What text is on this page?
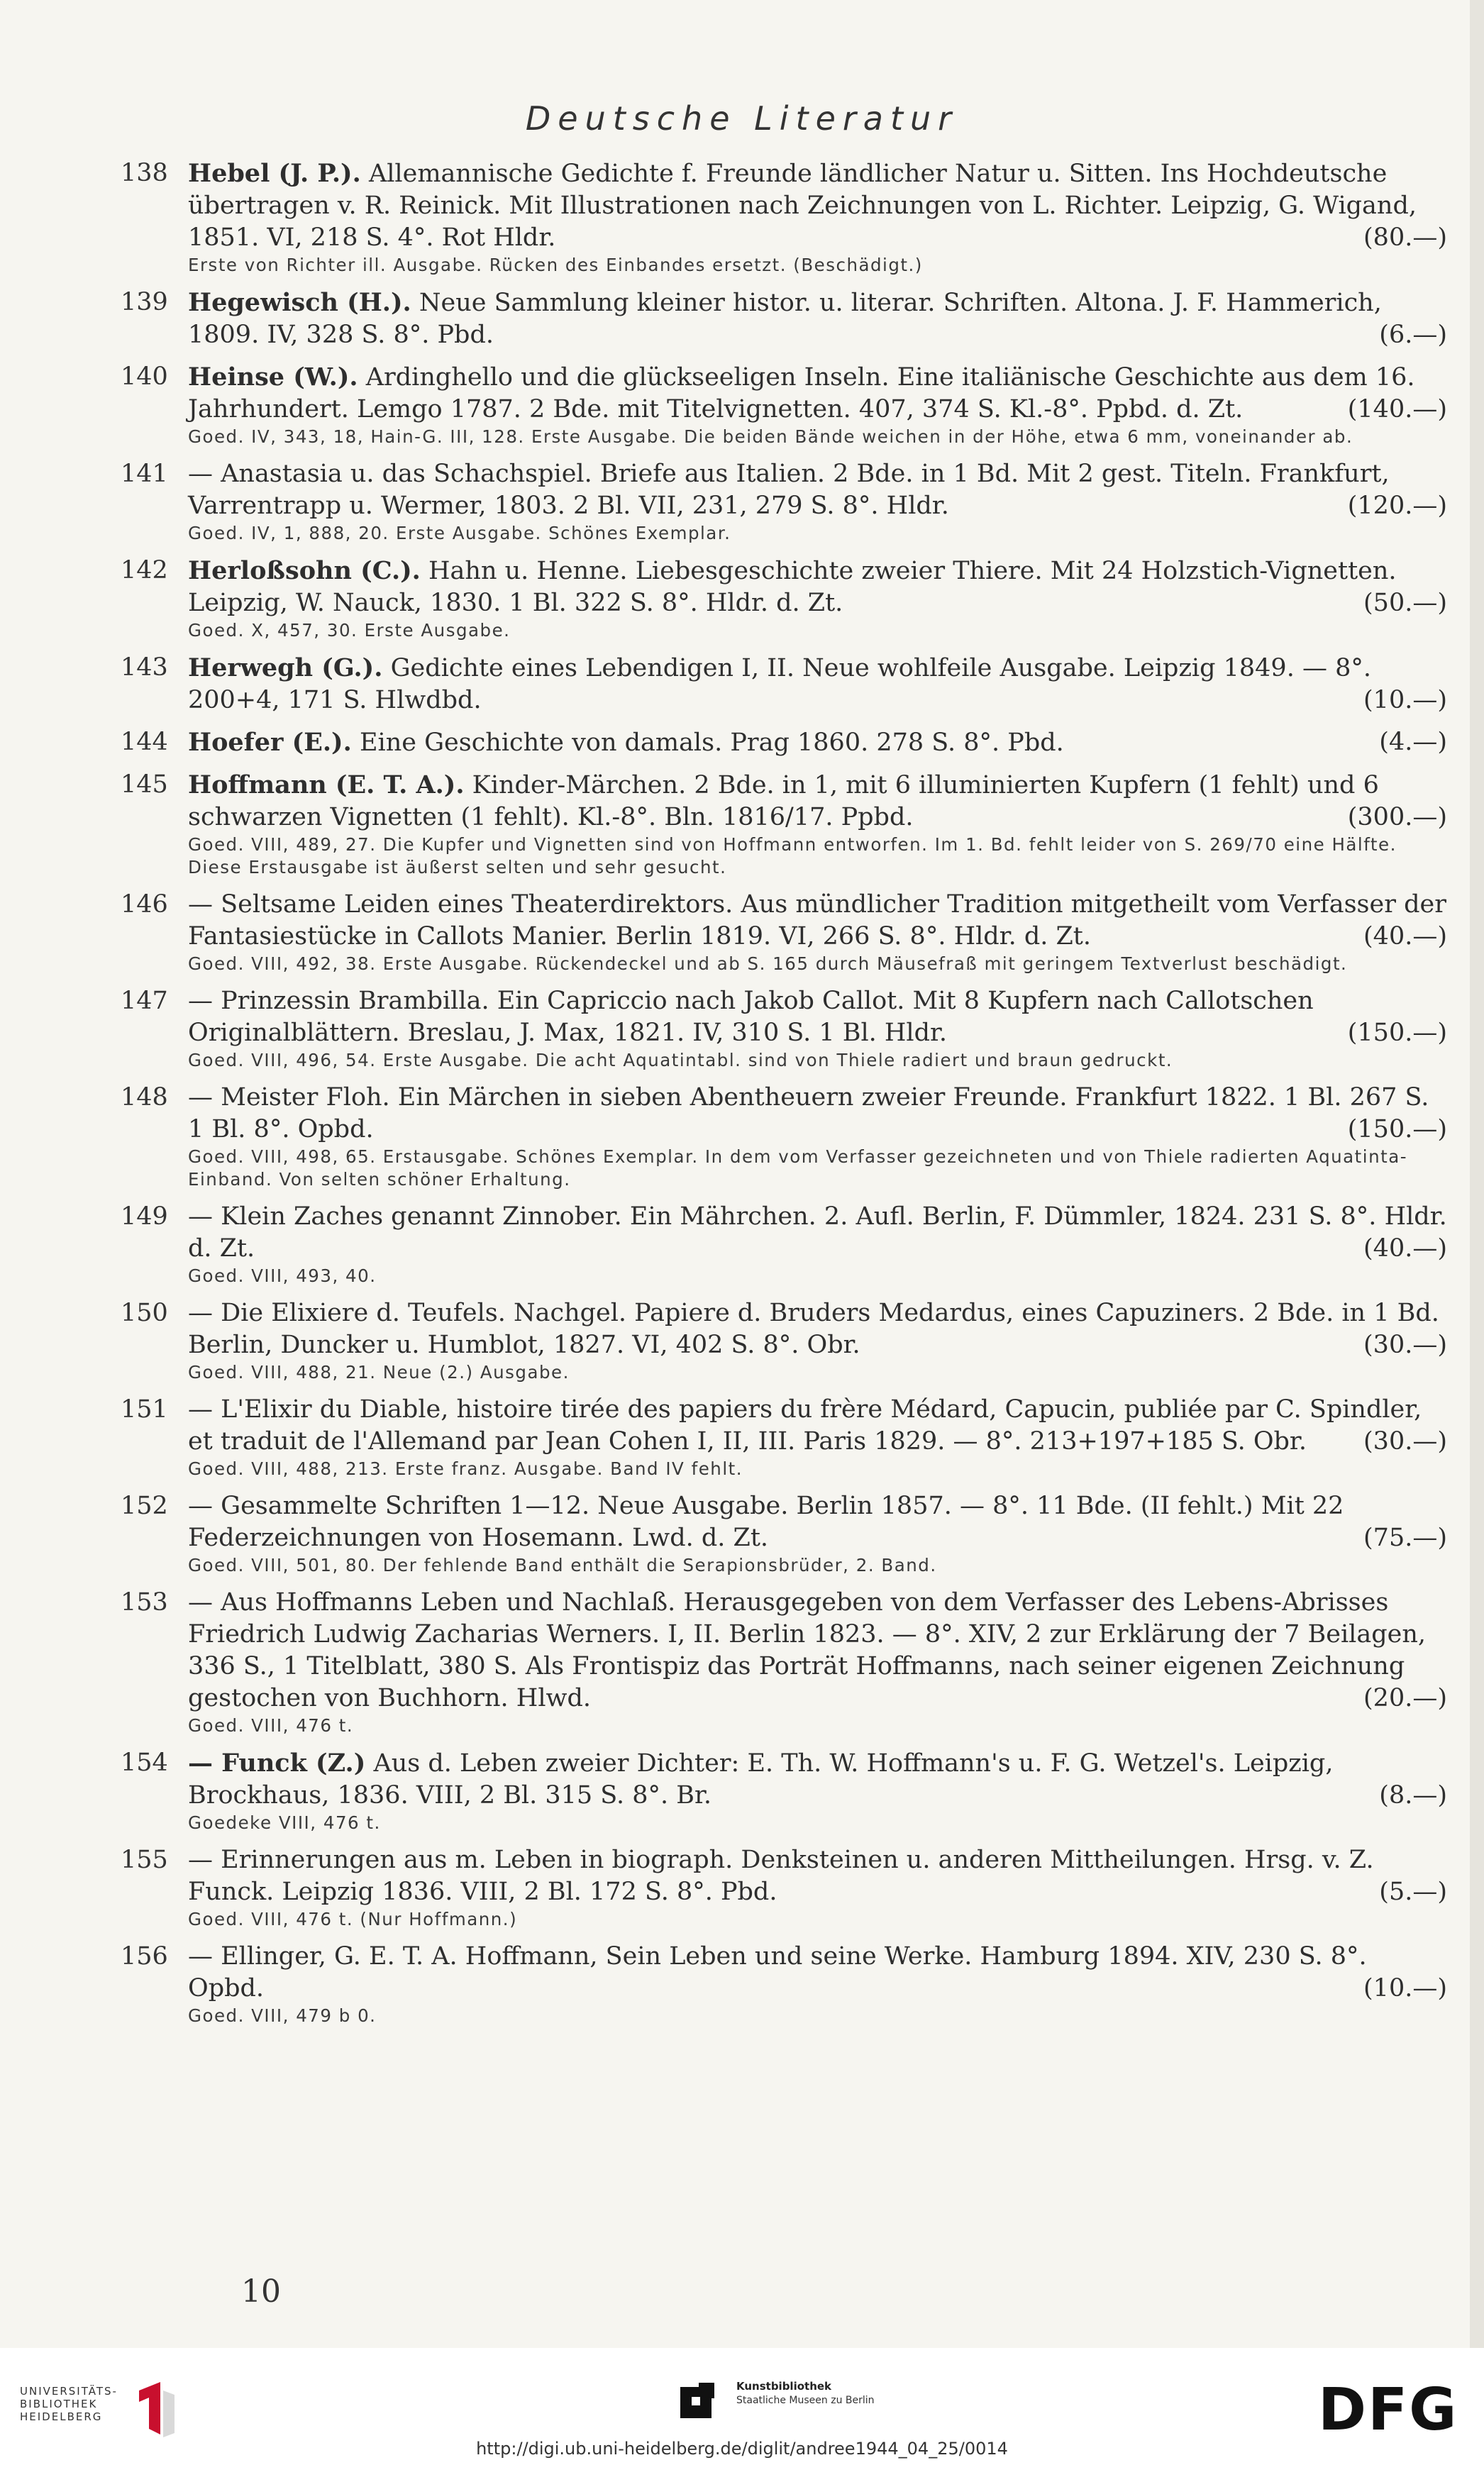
Deutsche Literatur
138 Hebel (J. P.). Allemannische Gedichte f. Freunde ländlicher Natur u. Sitten. Ins Hochdeutsche übertragen v. R. Reinick. Mit Illustrationen nach Zeichnungen von L. Richter. Leipzig, G. Wigand, 1851. VI, 218 S. 4°. Rot Hldr.	(80.—)
Erste von Richter ill. Ausgabe. Rücken des Einbandes ersetzt. (Beschädigt.)
139 Hegewisch (H.). Neue Sammlung kleiner histor. u. literar. Schriften. Altona. J. F. Hammerich, 1809. IV, 328 S. 8°. Pbd.	(6.—)
140 Heinse (W.). Ardinghello und die glückseeligen Inseln. Eine italiänische Geschichte aus dem 16. Jahrhundert. Lemgo 1787. 2 Bde. mit Titelvignetten. 407, 374 S. Kl.-8°. Ppbd. d. Zt.	(140.—)
Goed. IV, 343, 18, Hain-G. III, 128. Erste Ausgabe. Die beiden Bände weichen in der Höhe, etwa 6 mm, voneinander ab.
141 — Anastasia u. das Schachspiel. Briefe aus Italien. 2 Bde. in 1 Bd. Mit 2 gest. Titeln. Frankfurt, Varrentrapp u. Wermer, 1803. 2 Bl. VII, 231, 279 S. 8°. Hldr.	(120.—)
Goed. IV, 1, 888, 20. Erste Ausgabe. Schönes Exemplar.
142 Herloßsohn (C.). Hahn u. Henne. Liebesgeschichte zweier Thiere. Mit 24 Holzstich-Vignetten. Leipzig, W. Nauck, 1830. 1 Bl. 322 S. 8°. Hldr. d. Zt.	(50.—)
Goed. X, 457, 30. Erste Ausgabe.
143 Herwegh (G.). Gedichte eines Lebendigen I, II. Neue wohlfeile Ausgabe. Leipzig 1849. — 8°. 200+4, 171 S. Hlwdbd.	(10.—)
144 Hoefer (E.). Eine Geschichte von damals. Prag 1860. 278 S. 8°. Pbd.	(4.—)
145 Hoffmann (E. T. A.). Kinder-Märchen. 2 Bde. in 1, mit 6 illuminierten Kupfern (1 fehlt) und 6 schwarzen Vignetten (1 fehlt). Kl.-8°. Bln. 1816/17. Ppbd.	(300.—)
Goed. VIII, 489, 27. Die Kupfer und Vignetten sind von Hoffmann entworfen. Im 1. Bd. fehlt leider von S. 269/70 eine Hälfte. Diese Erstausgabe ist äußerst selten und sehr gesucht.
146 — Seltsame Leiden eines Theaterdirektors. Aus mündlicher Tradition mitgetheilt vom Verfasser der Fantasiestücke in Callots Manier. Berlin 1819. VI, 266 S. 8°. Hldr. d. Zt.	(40.—)
Goed. VIII, 492, 38. Erste Ausgabe. Rückendeckel und ab S. 165 durch Mäusefraß mit geringem Textverlust beschädigt.
147 — Prinzessin Brambilla. Ein Capriccio nach Jakob Callot. Mit 8 Kupfern nach Callotschen Originalblättern. Breslau, J. Max, 1821. IV, 310 S. 1 Bl. Hldr.	(150.—)
Goed. VIII, 496, 54. Erste Ausgabe. Die acht Aquatintabl. sind von Thiele radiert und braun gedruckt.
148 — Meister Floh. Ein Märchen in sieben Abentheuern zweier Freunde. Frankfurt 1822. 1 Bl. 267 S. 1 Bl. 8°. Opbd.	(150.—)
Goed. VIII, 498, 65. Erstausgabe. Schönes Exemplar. In dem vom Verfasser gezeichneten und von Thiele radierten Aquatinta-Einband. Von selten schöner Erhaltung.
149 — Klein Zaches genannt Zinnober. Ein Mährchen. 2. Aufl. Berlin, F. Dümmler, 1824. 231 S. 8°. Hldr. d. Zt.	(40.—)
Goed. VIII, 493, 40.
150 — Die Elixiere d. Teufels. Nachgel. Papiere d. Bruders Medardus, eines Capuziners. 2 Bde. in 1 Bd. Berlin, Duncker u. Humblot, 1827. VI, 402 S. 8°. Obr.	(30.—)
Goed. VIII, 488, 21. Neue (2.) Ausgabe.
151 — L'Elixir du Diable, histoire tirée des papiers du frère Médard, Capucin, publiée par C. Spindler, et traduit de l'Allemand par Jean Cohen I, II, III. Paris 1829. — 8°. 213+197+185 S. Obr. (30.—)
Goed. VIII, 488, 213. Erste franz. Ausgabe. Band IV fehlt.
152 — Gesammelte Schriften 1—12. Neue Ausgabe. Berlin 1857. — 8°. 11 Bde. (II fehlt.) Mit 22 Federzeichnungen von Hosemann. Lwd. d. Zt.	(75.—)
Goed. VIII, 501, 80. Der fehlende Band enthält die Serapionsbrüder, 2. Band.
153 — Aus Hoffmanns Leben und Nachlaß. Herausgegeben von dem Verfasser des Lebens-Abrisses Friedrich Ludwig Zacharias Werners. I, II. Berlin 1823. — 8°. XIV, 2 zur Erklärung der 7 Beilagen, 336 S., 1 Titelblatt, 380 S. Als Frontispiz das Porträt Hoffmanns, nach seiner eigenen Zeichnung gestochen von Buchhorn. Hlwd.	(20.—)
Goed. VIII, 476 t.
154 — Funck (Z.) Aus d. Leben zweier Dichter: E. Th. W. Hoffmann's u. F. G. Wetzel's. Leipzig, Brockhaus, 1836. VIII, 2 Bl. 315 S. 8°. Br.	(8.—)
Goedeke VIII, 476 t.
155 — Erinnerungen aus m. Leben in biograph. Denksteinen u. anderen Mittheilungen. Hrsg. v. Z. Funck. Leipzig 1836. VIII, 2 Bl. 172 S. 8°. Pbd.	(5.—)
Goed. VIII, 476 t. (Nur Hoffmann.)
156 — Ellinger, G. E. T. A. Hoffmann, Sein Leben und seine Werke. Hamburg 1894. XIV, 230 S. 8°. Opbd.	(10.—)
Goed. VIII, 479 b 0.
10
UNIVERSITÄTS-
BIBLIOTHEK
HEIDELBERG
Kunstbibliothek
Staatliche Museen zu Berlin	DFG
http://digi.ub.uni-heidelberg.de/diglit/andree1944_04_25/0014
